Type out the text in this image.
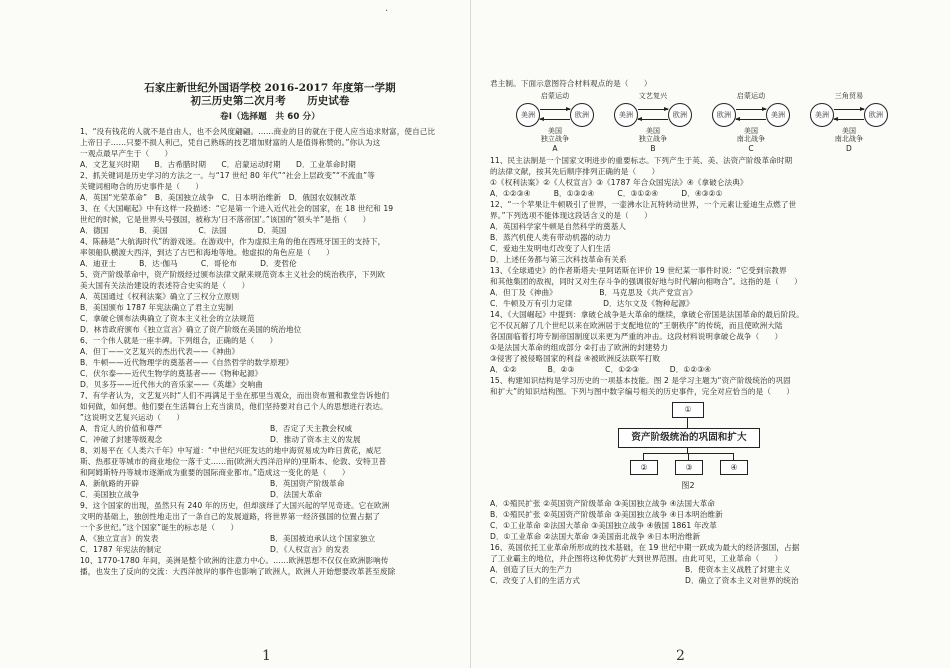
·
石家庄新世纪外国语学校 2016-2017 年度第一学期
初三历史第二次月考　　历史试卷
卷Ⅰ（选择题　共 60 分）
1、“没有钱花的人就不是自由人，也不会风度翩翩。……商业的目的就在于使人应当追求财富，使自己比
上帝日子……只要不损人利己，凭自己熟练的技艺增加财富的人是值得称赞的。”你认为这
一观点最早产生于（　　）
A．文艺复兴时期　　B．古希腊时期　　C．启蒙运动时期　　D．工业革命时期
2、抓关键词是历史学习的方法之一。与“17 世纪 80 年代”“社会上层政变”“不流血”等
关键词相吻合的历史事件是（　　）
A．英国“光荣革命”　B．美国独立战争　C．日本明治维新　D．俄国农奴制改革
3、在《大国崛起》中有这样一段描述：“它是第一个进入近代社会的国家，在 18 世纪和 19
世纪的时候，它是世界头号强国，被称为‘日不落帝国’。”该国的“领头羊”是指（　　）
A．德国　　　　B．美国　　　　C．法国　　　　D．英国
4、陈赫是“大航海时代”的游戏迷。在游戏中，作为虚拟主角的他在西班牙国王的支持下，
率领船队横渡大西洋，到达了古巴和海地等地。他虚拟的角色应是（　　）
A．迪亚士　　　B．达·伽马　　　C．哥伦布　　　D．麦哲伦
5、资产阶级革命中，资产阶级经过颁布法律文献来规范资本主义社会的统治秩序，下列欧
美大国有关法治建设的表述符合史实的是（　　）
A．英国通过《权利法案》确立了三权分立原则
B．美国颁布 1787 年宪法确立了君主立宪制
C．拿破仑颁布法典确立了资本主义社会的立法规范
D．林肯政府颁布《独立宣言》确立了资产阶级在美国的统治地位
6、一个伟人就是一座丰碑。下列组合，正确的是（　　）
A．但丁——文艺复兴的杰出代表——《神曲》
B．牛顿——近代物理学的奠基者——《自然哲学的数学原理》
C．伏尔泰——近代生物学的奠基者——《物种起源》
D．贝多芬——近代伟大的音乐家——《英雄》交响曲
7、有学者认为，文艺复兴时“人们不再满足于坐在那里当观众，而出资布置和教堂告诉他们
如何做，如何想。他们要在生活舞台上充当演员，他们坚持要对自己个人的思想进行表达。
”这说明文艺复兴运动（　　）
A．肯定人的价值和尊严	B．否定了天主教会权威
C．冲破了封建等级观念	D．推动了资本主义的发展
8、刘易平在《人类六千年》中写道：“中世纪兴旺发达的地中海贸易成为昨日黄花，威尼
斯、热那亚等城市的商业地位一落千丈……而(欧洲大西洋沿岸的)里斯本、伦敦、安特卫普
和阿姆斯特丹等城市逐渐成为重要的国际商业都市。”造成这一变化的是（　　）
A．新航路的开辟	B．英国资产阶级革命
C．美国独立战争	D．法国大革命
9、这个国家的出现，虽然只有 240 年的历史，但却演绎了大国兴起的罕见奇迹。它在欧洲
文明的基础上，独创性地走出了一条自己的发展道路，将世界第一经济强国的位置占据了
一个多世纪。”这个国家”诞生的标志是（　　）
A．《独立宣言》的发表	B．美国被迫承认这个国家独立
C．1787 年宪法的制定	D．《人权宣言》的发表
10、1770-1780 年间，美洲是整个欧洲的注意力中心。……欧洲思想不仅仅在欧洲影响传
播，也发生了反向的交流：大西洋彼岸的事件也影响了欧洲人，欧洲人开始想要改革甚至废除
1
君主制。下面示意图符合材料观点的是（　　）
启蒙运动
美洲	欧洲
美国
独立战争
A
文艺复兴
美洲	欧洲
美国
独立战争
B
启蒙运动
欧洲	美洲
美国
南北战争
C
三角贸易
美洲	欧洲
美国
南北战争
D
11、民主法制是一个国家文明进步的重要标志。下列产生于英、美、法资产阶级革命时期
的法律文献，按其先后顺序排列正确的是（　　）
①《权利法案》②《人权宣言》③《1787 年合众国宪法》④《拿破仑法典》
A．①②③④　　　B．①③②④　　　C．③①②④　　　D．④③②①
12、“一个苹果让牛顿吸引了世界，一壶沸水让瓦特转动世界，一个元素让爱迪生点燃了世
界。”下列选项不能体现这段话含义的是（　　）
A．英国科学家牛顿是自然科学的奠基人
B．蒸汽机使人类有带动机器的动力
C．爱迪生发明电灯改变了人们生活
D．上述任务都与第三次科技革命有关系
13、《全球通史》的作者斯塔夫·里阿诺斯在评价 19 世纪某一事件时说：“它受到宗教界
和其他集团的敌视，同时又对生存斗争的强调很好地与时代解向相吻合”。这指的是（　　）
A．但丁及《神曲》　　　　　　B．马克思及《共产党宣言》
C．牛顿及万有引力定律　　　　D．达尔文及《物种起源》
14、《大国崛起》中提到：拿破仑战争是大革命的继续，拿破仑帝国是法国革命的最后阶段。
它不仅瓦解了几个世纪以来在欧洲居于支配地位的“王朝秩序”的传统，而且使欧洲大陆
各国面临着打垮专制帝国制度以来更为严重的冲击。这段材料说明拿破仑战争（　　）
①是法国大革命的组成部分 ②打击了欧洲的封建势力
③侵害了被侵略国家的利益 ④被欧洲反法联军打败
A．①②　　　　B．②③　　　　C．①②③　　　　D．①②③④
15、构建知识结构是学习历史的一项基本技能。图 2 是学习主题为“资产阶级统治的巩固
和扩大”的知识结构图。下列与图中数字编号相关的历史事件，完全对应恰当的是（　　）
①
资产阶级统治的巩固和扩大
②	③	④
图2
A．①殖民扩张 ②英国资产阶级革命 ③美国独立战争 ④法国大革命
B．①殖民扩张 ②英国资产阶级革命 ③美国独立战争 ④日本明治维新
C．①工业革命 ②法国大革命 ③美国独立战争 ④俄国 1861 年改革
D．①工业革命 ②法国大革命 ③美国南北战争 ④日本明治维新
16、英国依托工业革命所形成的技术基础，在 19 世纪中期一跃成为最大的经济强国，占据
了工业霸主的地位，并企图将这种优势扩大到世界范围。由此可见，工业革命（　　）
A．创造了巨大的生产力	B．使资本主义战胜了封建主义
C．改变了人们的生活方式	D．确立了资本主义对世界的统治
2
